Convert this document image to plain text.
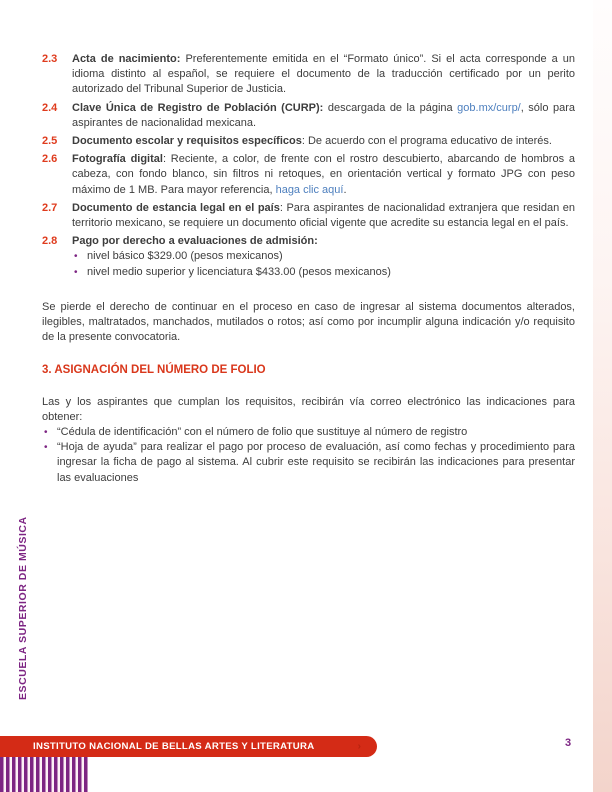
2.3	Acta de nacimiento: Preferentemente emitida en el “Formato único”. Si el acta corresponde a un idioma distinto al español, se requiere el documento de la traducción certificado por un perito autorizado del Tribunal Superior de Justicia.

2.4	Clave Única de Registro de Población (CURP): descargada de la página gob.mx/curp/, sólo para aspirantes de nacionalidad mexicana.

2.5	Documento escolar y requisitos específicos: De acuerdo con el programa educativo de interés.

2.6	Fotografía digital: Reciente, a color, de frente con el rostro descubierto, abarcando de hombros a cabeza, con fondo blanco, sin filtros ni retoques, en orientación vertical y formato JPG con peso máximo de 1 MB. Para mayor referencia, haga clic aquí.

2.7	Documento de estancia legal en el país: Para aspirantes de nacionalidad extranjera que residan en territorio mexicano, se requiere un documento oficial vigente que acredite su estancia legal en el país.

2.8	Pago por derecho a evaluaciones de admisión:

• nivel básico $329.00 (pesos mexicanos)
• nivel medio superior y licenciatura $433.00 (pesos mexicanos)

Se pierde el derecho de continuar en el proceso en caso de ingresar al sistema documentos alterados, ilegibles, maltratados, manchados, mutilados o rotos; así como por incumplir alguna indicación y/o requisito de la presente convocatoria.

3. ASIGNACIÓN DEL NÚMERO DE FOLIO

Las y los aspirantes que cumplan los requisitos, recibirán vía correo electrónico las indicaciones para obtener:

• “Cédula de identificación” con el número de folio que sustituye al número de registro
• “Hoja de ayuda” para realizar el pago por proceso de evaluación, así como fechas y procedimiento para ingresar la ficha de pago al sistema. Al cubrir este requisito se recibirán las indicaciones para presentar las evaluaciones
ESCUELA SUPERIOR DE MÚSICA
INSTITUTO NACIONAL DE BELLAS ARTES Y LITERATURA	›	3
